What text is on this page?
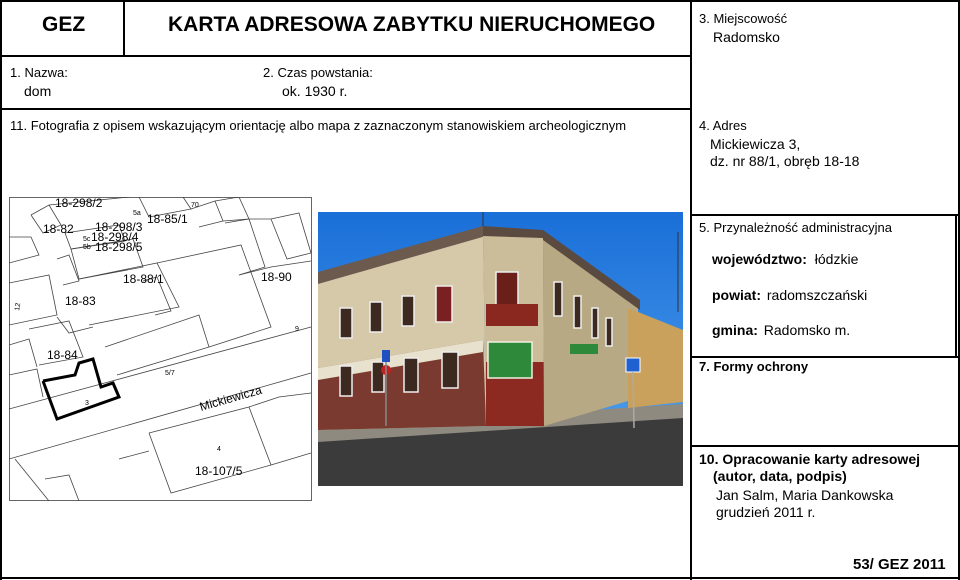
GEZ	KARTA ADRESOWA ZABYTKU NIERUCHOMEGO	3. Miejscowość
Radomsko
1. Nazwa:
dom
2. Czas powstania:
ok. 1930 r.
11. Fotografia z opisem wskazującym orientację albo mapa z zaznaczonym stanowiskiem archeologicznym	4. Adres
Mickiewicza 3,
dz. nr 88/1, obręb 18-18
5. Przynależność administracyjna
województwo: łódzkie
powiat: radomszczański
gmina: Radomsko m.
7. Formy ochrony
10. Opracowanie karty adresowej
(autor, data, podpis)
Jan Salm, Maria Dankowska
grudzień 2011 r.
53/ GEZ 2011
18-298/2
18-82 18-298/3
18-85/1
18-298/4
18-298/5
18-88/1
18-83
18-90
18-84
Mickiewicza
18-107/5
5/7
3
12
9
4
70
5a
5c
5b
